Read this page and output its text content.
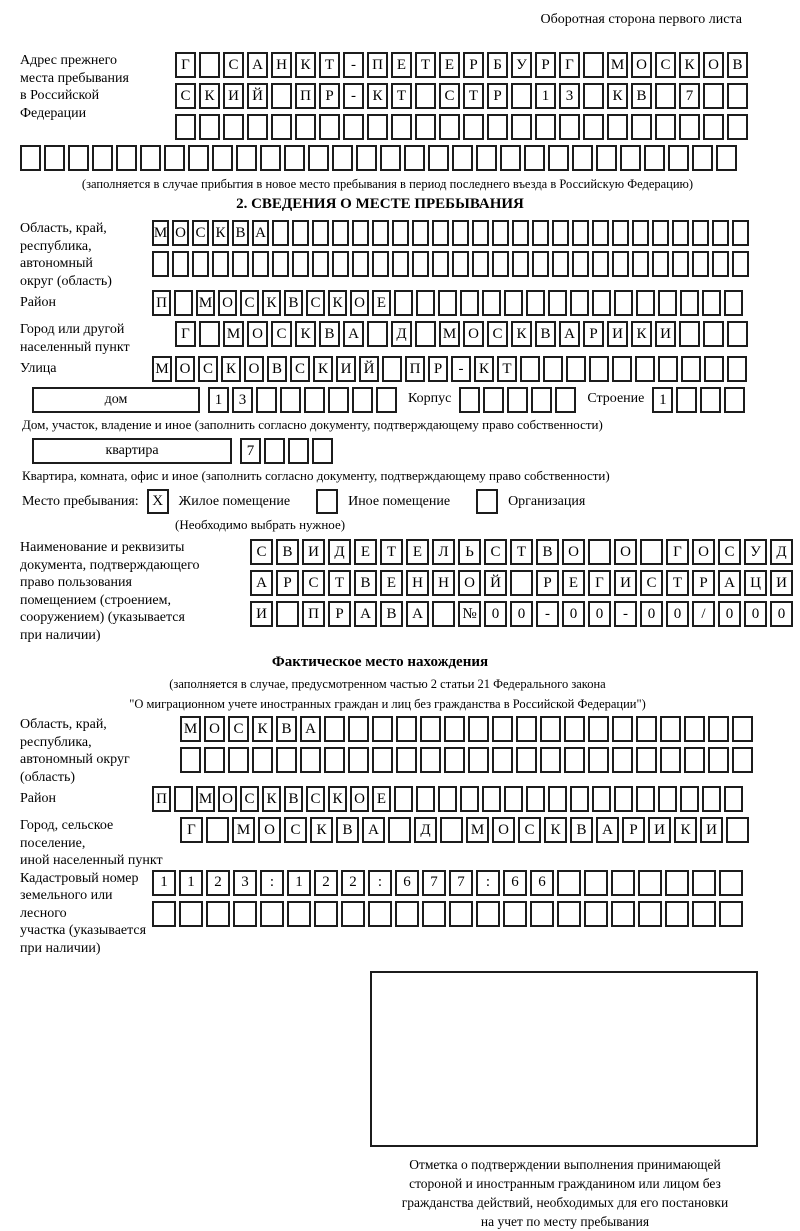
Оборотная сторона первого листа
Адрес прежнего
места пребывания
в Российской
Федерации
Г	С А Н К Т	-	П Е Т Е	Р	Б У Р	Г	М О С К О В
С К И Й	П Р	-	К Т	С Т	Р	1	3	К В	7
(заполняется в случае прибытия в новое место пребывания в период последнего въезда в Российскую Федерацию)
2. СВЕДЕНИЯ О МЕСТЕ ПРЕБЫВАНИЯ
Область, край,
республика,
автономный
округ (область)
М О С К В А
Район	П М О С К В С К О Е
Город или другой
населенный пункт
Г	М О С К В А	Д	М О С К В А Р И К И
Улица	М О С К О В С К И Й	П Р	-	К Т
дом	1	3	Корпус	Строение 1
Дом, участок, владение и иное (заполнить согласно документу, подтверждающему право собственности)
квартира	7
Квартира, комната, офис и иное (заполнить согласно документу, подтверждающему право собственности)
Место пребывания: X	Жилое помещение	Иное помещение	Организация
(Необходимо выбрать нужное)
Наименование и реквизиты
документа, подтверждающего
право пользования
помещением (строением,
сооружением) (указывается
при наличии)
С	В	И	Д	Е	Т	Е	Л	Ь	С	Т	В	О	О	Г	О	С	У	Д
А	Р	С	Т	В	Е	Н	Н	О	Й	Р	Е	Г	И	С	Т	Р	А	Ц	И
И	П	Р	А	В	А	№	0	0	-	0	0	-	0	0	/	0	0	0
Фактическое место нахождения
(заполняется в случае, предусмотренном частью 2 статьи 21 Федерального закона
"О миграционном учете иностранных граждан и лиц без гражданства в Российской Федерации")
Область, край,
республика,
автономный округ
(область)
М О С К В А
Район	П М О С К В С К О Е
Город, сельское поселение,
иной населенный пункт
Г	М О	С	К	В	А	Д	М О	С	К	В	А	Р	И	К	И
Кадастровый номер
земельного или лесного
участка (указывается
при наличии)
1	1	2	3	:	1	2	2	:	6	7	7	:	6	6
Отметка о подтверждении выполнения принимающей
стороной и иностранным гражданином или лицом без
гражданства действий, необходимых для его постановки
на учет по месту пребывания
